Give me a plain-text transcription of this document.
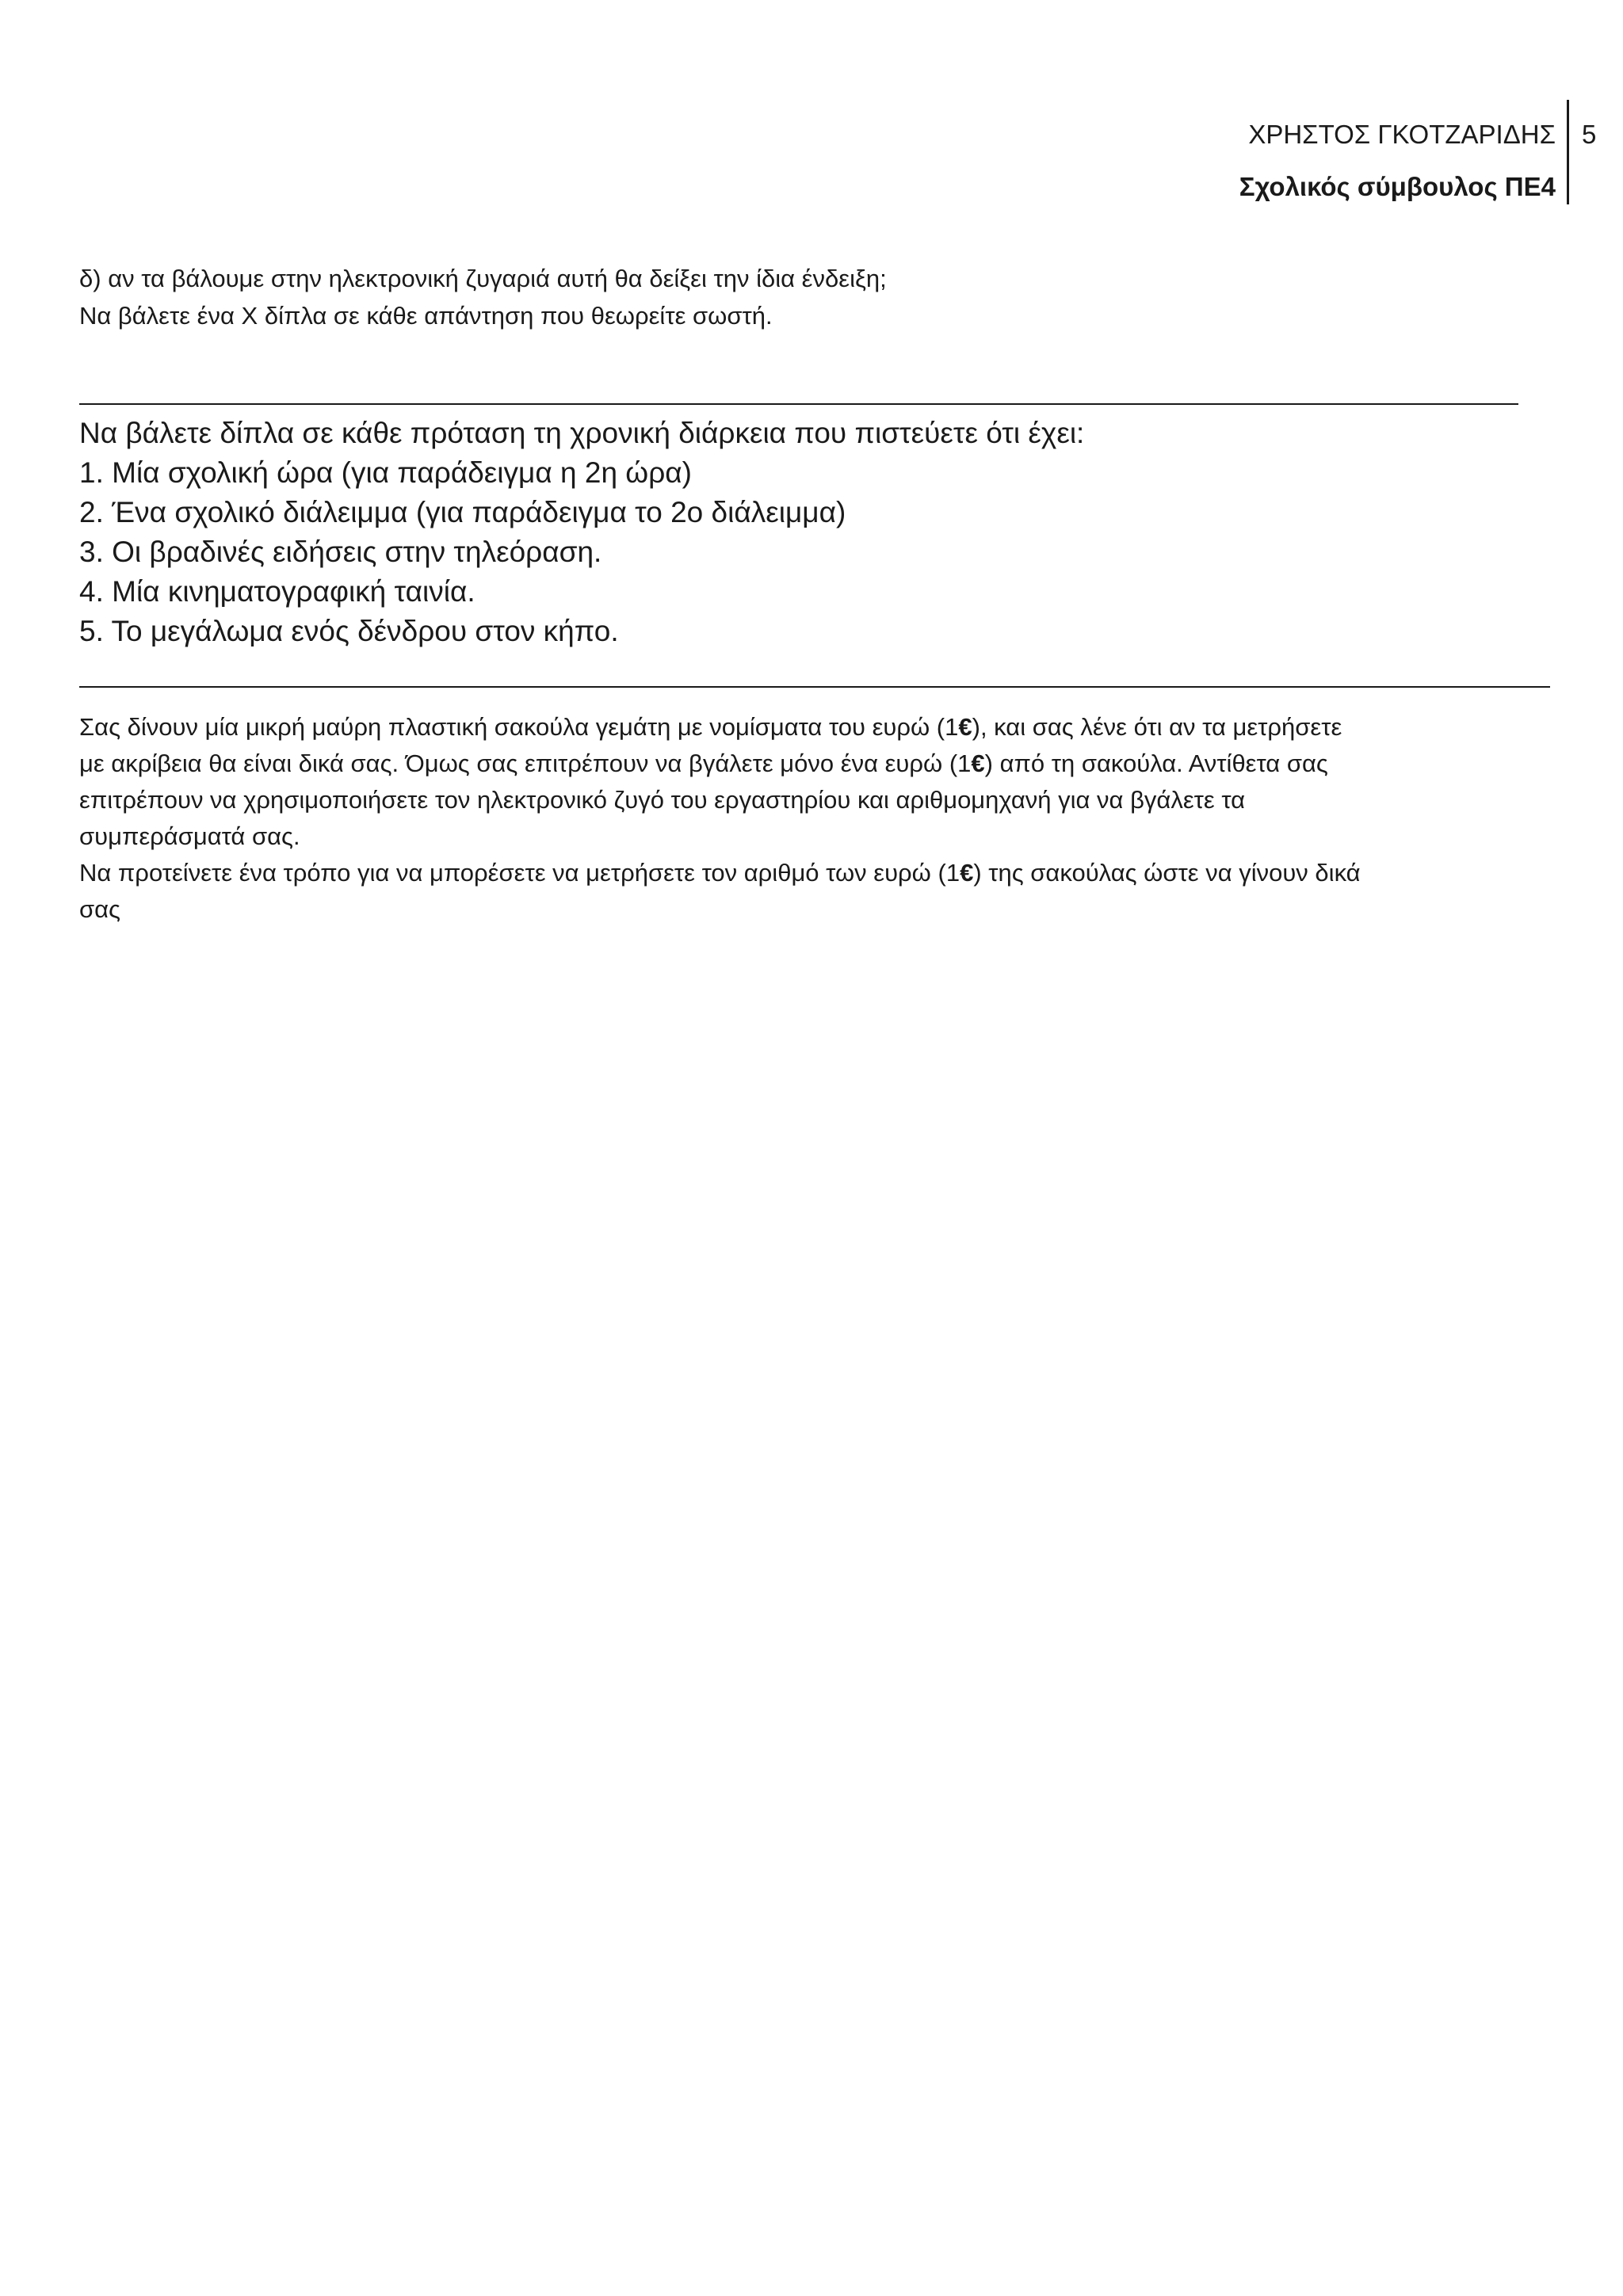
ΧΡΗΣΤΟΣ ΓΚΟΤΖΑΡΙΔΗΣ
Σχολικός σύμβουλος ΠΕ4
5
δ) αν τα βάλουμε στην ηλεκτρονική ζυγαριά αυτή θα δείξει την ίδια ένδειξη;
Να βάλετε ένα Χ δίπλα σε κάθε απάντηση που θεωρείτε σωστή.
Να βάλετε δίπλα σε κάθε πρόταση τη χρονική διάρκεια που πιστεύετε ότι έχει:
1. Μία σχολική ώρα (για παράδειγμα η 2η ώρα)
2. Ένα σχολικό διάλειμμα (για παράδειγμα το 2ο διάλειμμα)
3. Οι βραδινές ειδήσεις στην τηλεόραση.
4. Μία κινηματογραφική ταινία.
5. Το μεγάλωμα ενός δένδρου στον κήπο.
Σας δίνουν μία μικρή μαύρη πλαστική σακούλα γεμάτη με νομίσματα του ευρώ (1€), και σας λένε ότι αν τα μετρήσετε
με ακρίβεια θα είναι δικά σας. Όμως σας επιτρέπουν να βγάλετε μόνο ένα ευρώ (1€) από τη σακούλα. Αντίθετα σας
επιτρέπουν να χρησιμοποιήσετε τον ηλεκτρονικό ζυγό του εργαστηρίου και αριθμομηχανή για να βγάλετε τα
συμπεράσματά σας.
Να προτείνετε ένα τρόπο για να μπορέσετε να μετρήσετε τον αριθμό των ευρώ (1€) της σακούλας ώστε να γίνουν δικά
σας
